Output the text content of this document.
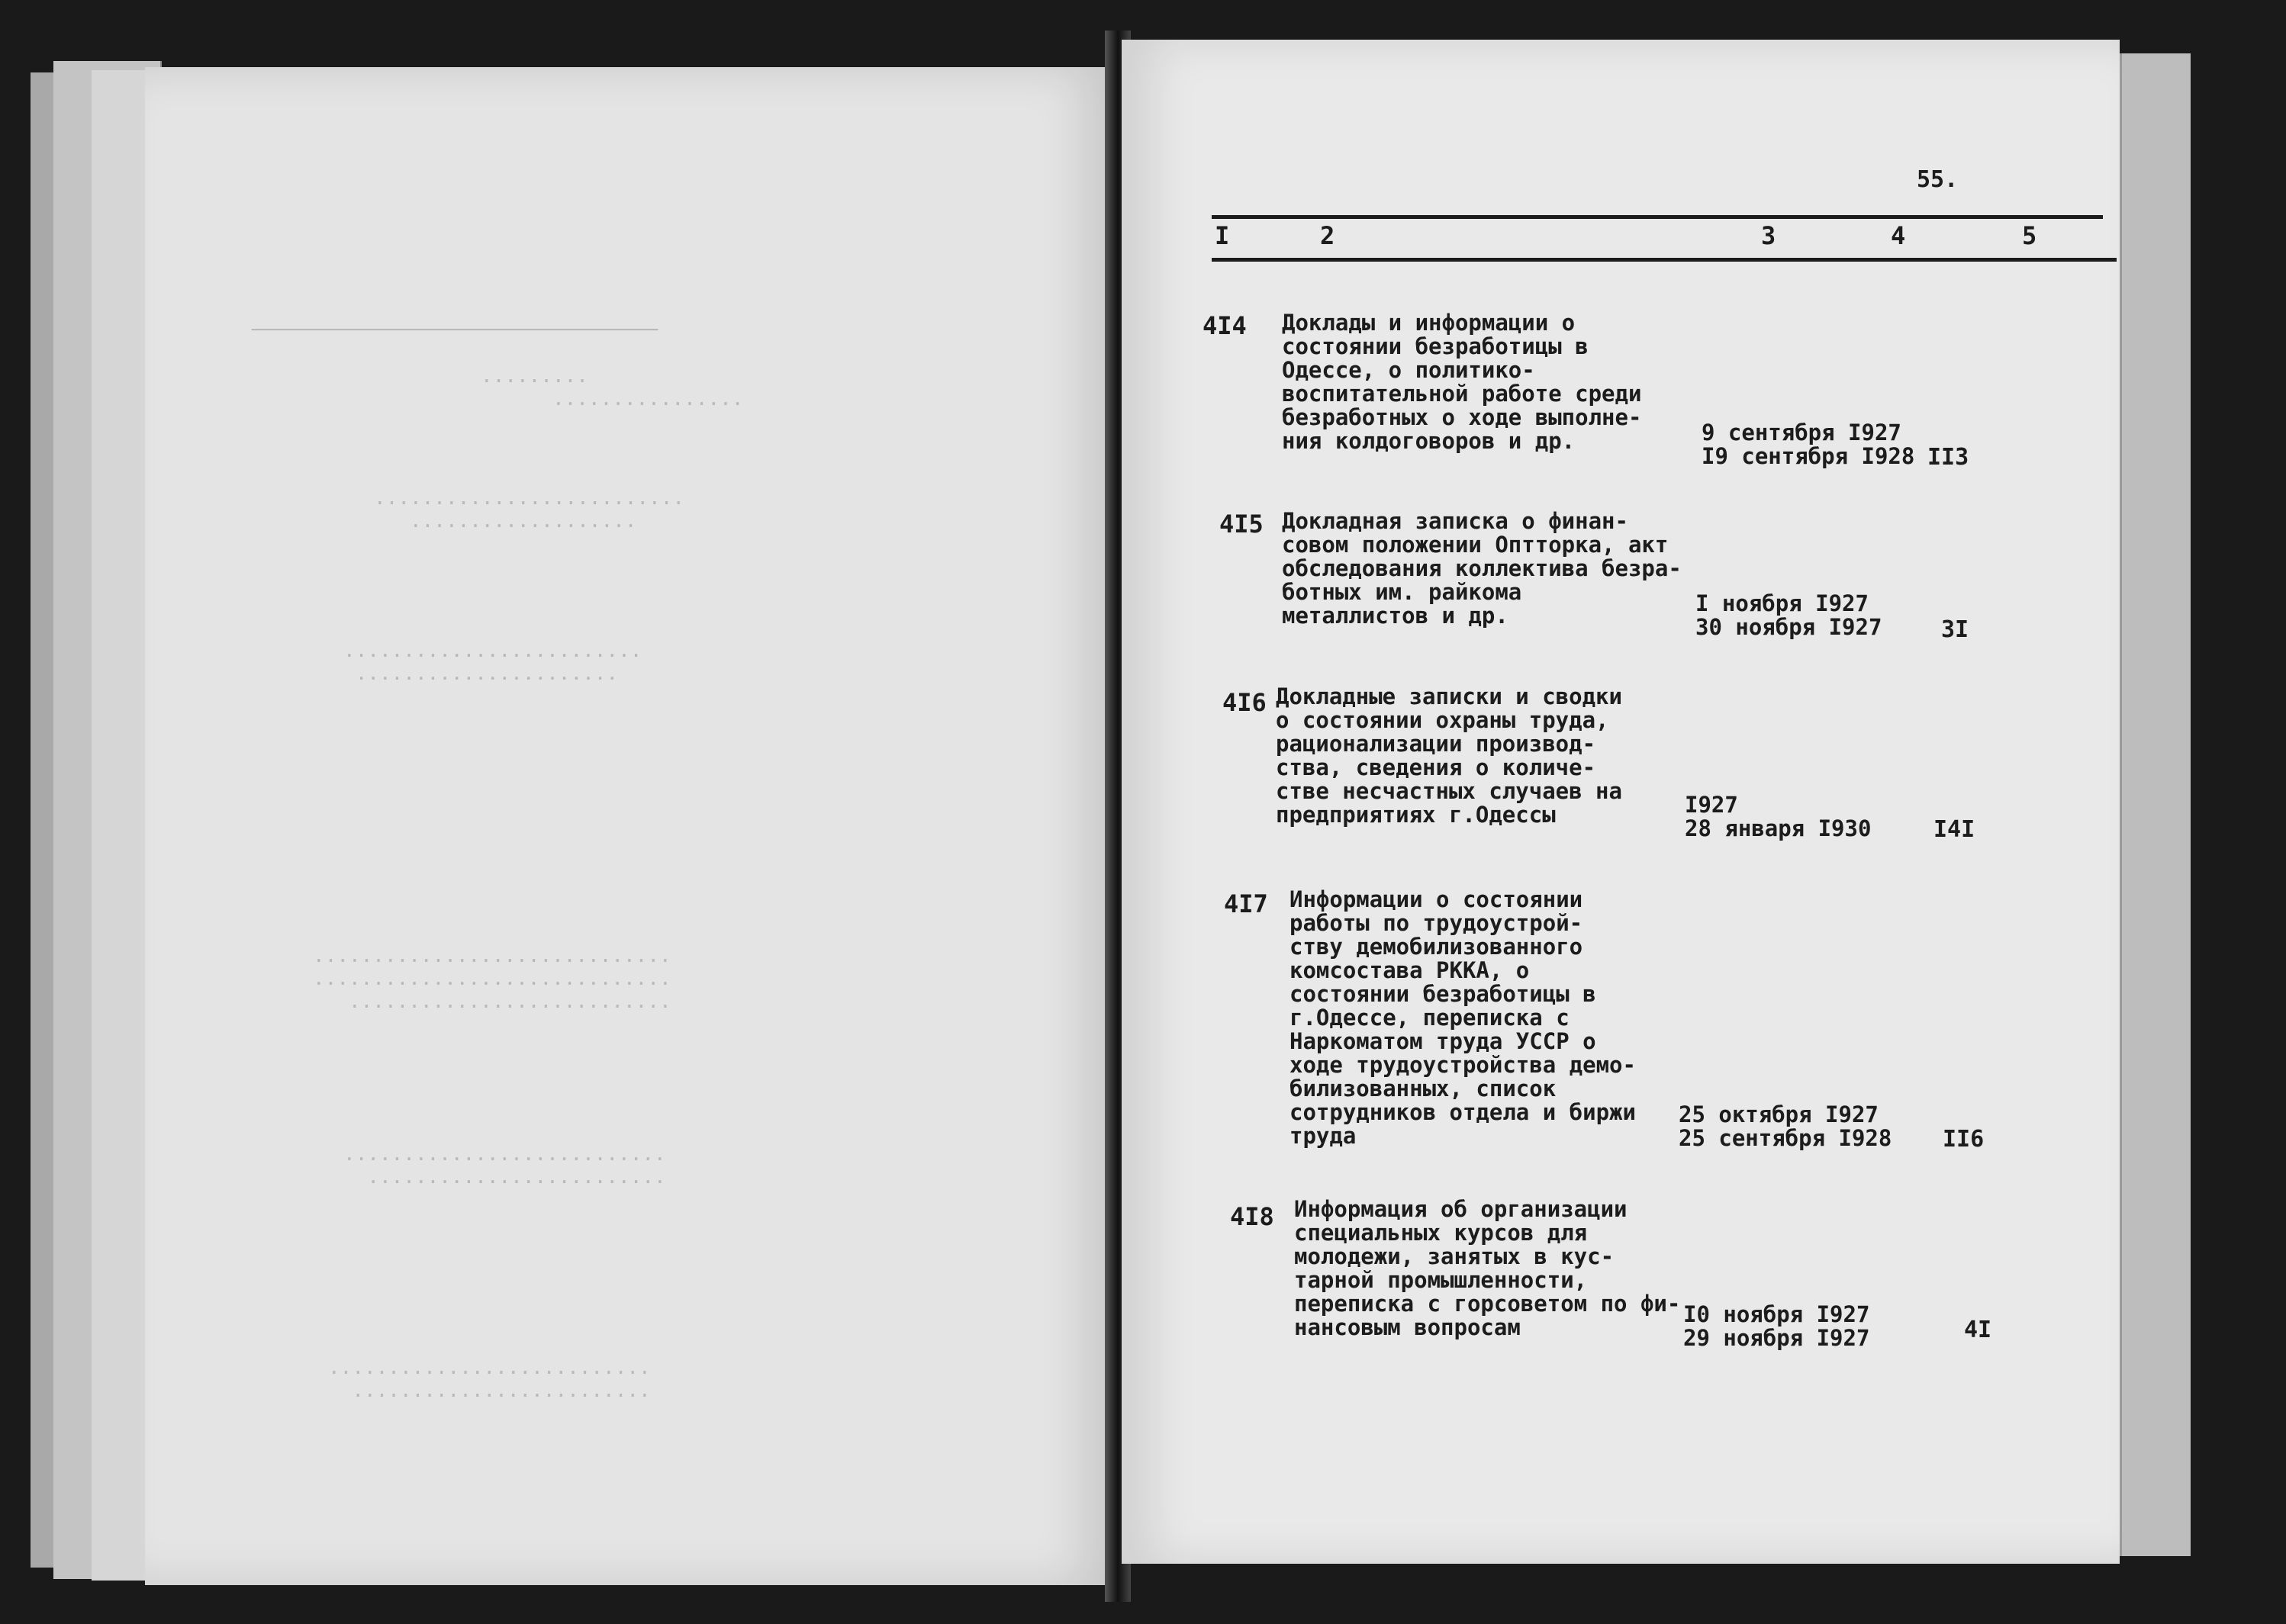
──────────────────────────────────

.........
................

..........................
...................

.........................
......................

..............................
..............................
...........................

...........................
.........................

...........................
.........................

55.
I	2	3	4	5
4I4 Доклады и информации о
состоянии безработицы в
Одессе, о политико-
воспитательной работе среди
безработных о ходе выполне-
ния колдоговоров и др.	9 сентября I927
I9 сентября I928 II3
4I5 Докладная записка о финан-
совом положении Оптторка, акт
обследования коллектива безра-
ботных им. райкома
металлистов и др.	I ноября I927
30 ноября I927	3I
4I6 Докладные записки и сводки
о состоянии охраны труда,
рационализации производ-
ства, сведения о количе-
стве несчастных случаев на
предприятиях г.Одессы	I927
28 января I930	I4I
4I7 Информации о состоянии
работы по трудоустрой-
ству демобилизованного
комсостава РККА, о
состоянии безработицы в
г.Одессе, переписка с
Наркоматом труда УССР о
ходе трудоустройства демо-
билизованных, список
сотрудников отдела и биржи
труда
25 октября I927
25 сентября I928 II6
4I8 Информация об организации
специальных курсов для
молодежи, занятых в кус-
тарной промышленности,
переписка с горсоветом по фи-
нансовым вопросам	I0 ноября I927
29 ноября I927	4I
